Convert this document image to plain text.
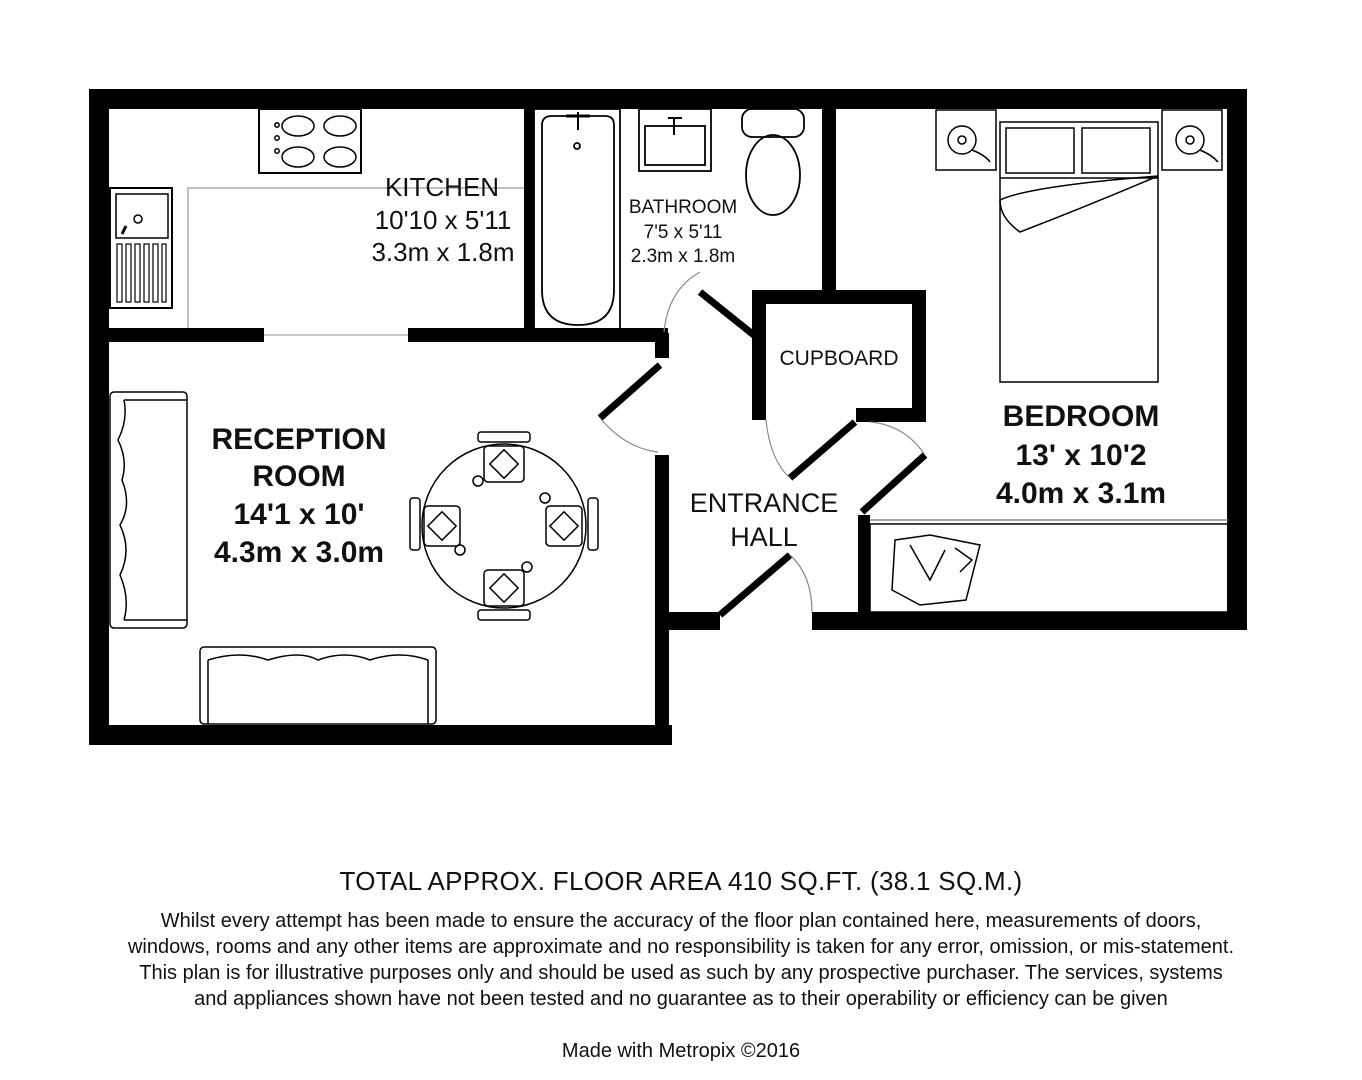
KITCHEN
10'10 x 5'11
3.3m x 1.8m
BATHROOM
7'5 x 5'11
2.3m x 1.8m
CUPBOARD
BEDROOM
13' x 10'2
4.0m x 3.1m
RECEPTION
ROOM
14'1 x 10'
4.3m x 3.0m
ENTRANCE
HALL
TOTAL APPROX. FLOOR AREA 410 SQ.FT. (38.1 SQ.M.)
Whilst every attempt has been made to ensure the accuracy of the floor plan contained here, measurements of doors, windows, rooms and any other items are approximate and no responsibility is taken for any error, omission, or mis-statement. This plan is for illustrative purposes only and should be used as such by any prospective purchaser. The services, systems and appliances shown have not been tested and no guarantee as to their operability or efficiency can be given
Made with Metropix ©2016
